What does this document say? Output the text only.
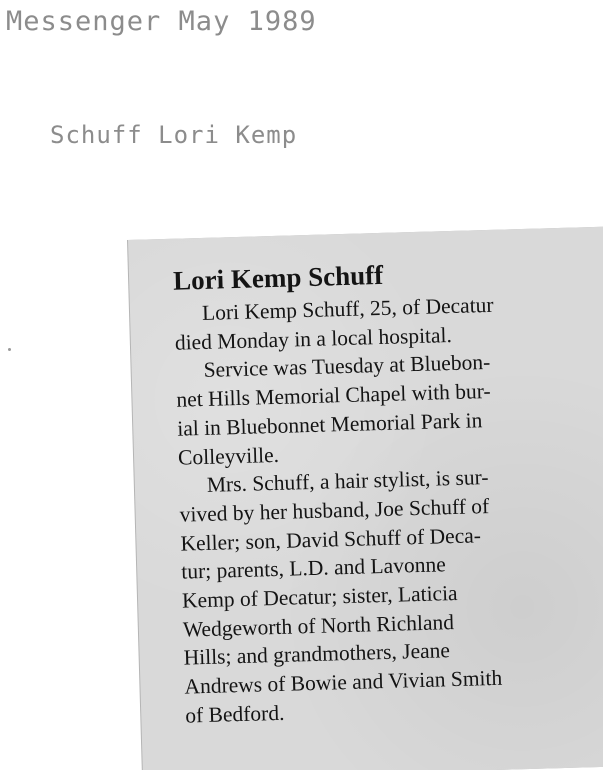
Messenger May 1989
Schuff Lori Kemp
Lori Kemp Schuff
Lori Kemp Schuff, 25, of Decatur
died Monday in a local hospital.
Service was Tuesday at Bluebon-
net Hills Memorial Chapel with bur-
ial in Bluebonnet Memorial Park in
Colleyville.
Mrs. Schuff, a hair stylist, is sur-
vived by her husband, Joe Schuff of
Keller; son, David Schuff of Deca-
tur; parents, L.D. and Lavonne
Kemp of Decatur; sister, Laticia
Wedgeworth of North Richland
Hills; and grandmothers, Jeane
Andrews of Bowie and Vivian Smith
of Bedford.
